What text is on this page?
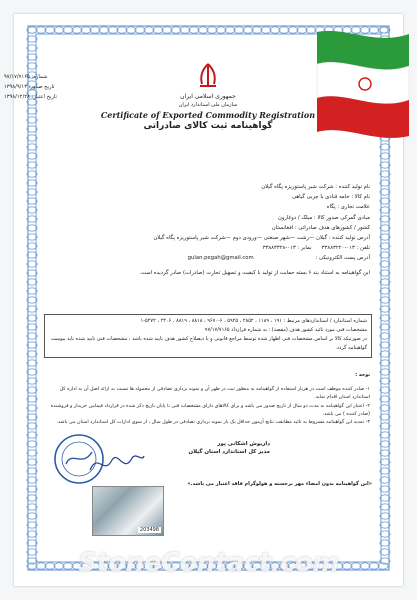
جمهوری اسلامی ایران
سازمان ملی استاندارد ایران
Certificate of Exported Commodity Registration
گواهینامه ثبت کالای صادراتی
شماره: ۹۷/۱۷/۷۱۶۵
تاریخ صدور: ۱۳۹۸/۹/۱۳
تاریخ اعتبار: ۱۳۹۸/۱۲/۲۸
نام تولید کننده : شرکت شیر پاستوریزه پگاه گیلان
نام کالا : خامه قنادی با چربی گیاهی
علامت تجاری : پگاه
مبادی گمرکی صدور کالا : میلک / دوغارون
کشور / کشورهای هدف صادراتی : افغانستان
آدرس تولید کننده : گیلان —رشت —شهر صنعتی —ورودی دوم —شرکت شیر پاستوریزه پگاه گیلان
تلفن : ۰۱۳-۳۳۸۸۳۲۲۰      نمابر : ۰۱۳-۳۳۸۸۳۳۲۸
آدرس پست الکترونیکی : gulan.pegah@gmail.com
این گواهینامه به استناد بند ۶ بسته حمایت از تولید با کیفیت و تسهیل تجارت (صادرات) صادر گردیده است.
شماره استاندارد / استانداردهای مرتبط : ۱۹۱ ، ۱۱۸۹ ، ۲۸۵۲ ، ۵۹۲۵ ، ۶-۹۶۷۰ ، ۸۸۱۸ ، ۸۸۱۹ ، ۲۴۰۶ ، ۵۲۷۲-۱
مشخصات فنی مورد تائید کشور هدف (مقصد) : به شماره قرارداد ۹۷/۱۷/۷۱۶۵
در صورتیکه کالا بر اساس مشخصات فنی اظهار شده توسط مراجع قانونی و یا ذیصلاح کشور هدف تایید شده باشد ، مشخصات فنی تایید شده باید پیوست گواهینامه گردد.
توجه :
۱- صادر کننده موظف است در هربار استفاده از گواهینامه به منظور ثبت در ظهر آن و نمونه برداری تصادفی از محموله ها نسبت به ارائه اصل آن به اداره کل استاندارد استان اقدام نماید.
۲- اعتبار این گواهینامه به مدت دو سال از تاریخ صدور می باشد و برای کالاهای دارای مشخصات فنی تا پایان تاریخ ذکر شده در قرارداد فیمابین خریدار و فروشنده (صادر کننده ) می باشد.
۳- تمدید این گواهینامه مشروط به تائید مطابقت نتایج آزمون حداقل یک بار نمونه برداری تصادفی در طول سال ، از سوی ادارات کل استاندارد استان می باشد.
داریوش اشکانی پور
مدیر کل استاندارد استان گیلان
«این گواهینامه بدون امضاء مهر برجسته و هولوگرام فاقد اعتبار می باشد.»
203498
StoneContact.com
